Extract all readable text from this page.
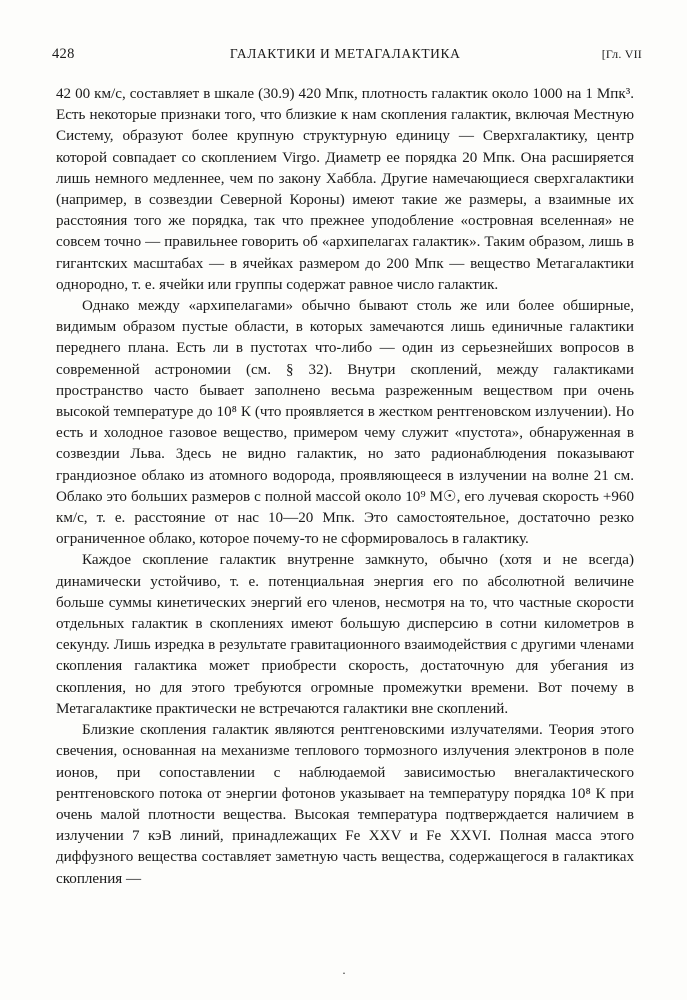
428	ГАЛАКТИКИ И МЕТАГАЛАКТИКА	[Гл. VII

42 00 км/с, составляет в шкале (30.9) 420 Мпк, плотность галактик около 1000 на 1 Мпк³. Есть некоторые признаки того, что близкие к нам скопления галактик, включая Местную Систему, образуют более крупную структурную единицу — Сверхгалактику, центр которой совпадает со скоплением Virgo. Диаметр ее порядка 20 Мпк. Она расширяется лишь немного медленнее, чем по закону Хаббла. Другие намечающиеся сверхгалактики (например, в созвездии Северной Короны) имеют такие же размеры, а взаимные их расстояния того же порядка, так что прежнее уподобление «островная вселенная» не совсем точно — правильнее говорить об «архипелагах галактик». Таким образом, лишь в гигантских масштабах — в ячейках размером до 200 Мпк — вещество Метагалактики однородно, т. е. ячейки или группы содержат равное число галактик.

Однако между «архипелагами» обычно бывают столь же или более обширные, видимым образом пустые области, в которых замечаются лишь единичные галактики переднего плана. Есть ли в пустотах что-либо — один из серьезнейших вопросов в современной астрономии (см. § 32). Внутри скоплений, между галактиками пространство часто бывает заполнено весьма разреженным веществом при очень высокой температуре до 10⁸ К (что проявляется в жестком рентгеновском излучении). Но есть и холодное газовое вещество, примером чему служит «пустота», обнаруженная в созвездии Льва. Здесь не видно галактик, но зато радионаблюдения показывают грандиозное облако из атомного водорода, проявляющееся в излучении на волне 21 см. Облако это больших размеров с полной массой около 10⁹ M☉, его лучевая скорость +960 км/с, т. е. расстояние от нас 10—20 Мпк. Это самостоятельное, достаточно резко ограниченное облако, которое почему-то не сформировалось в галактику.

Каждое скопление галактик внутренне замкнуто, обычно (хотя и не всегда) динамически устойчиво, т. е. потенциальная энергия его по абсолютной величине больше суммы кинетических энергий его членов, несмотря на то, что частные скорости отдельных галактик в скоплениях имеют большую дисперсию в сотни километров в секунду. Лишь изредка в результате гравитационного взаимодействия с другими членами скопления галактика может приобрести скорость, достаточную для убегания из скопления, но для этого требуются огромные промежутки времени. Вот почему в Метагалактике практически не встречаются галактики вне скоплений.

Близкие скопления галактик являются рентгеновскими излучателями. Теория этого свечения, основанная на механизме теплового тормозного излучения электронов в поле ионов, при сопоставлении с наблюдаемой зависимостью внегалактического рентгеновского потока от энергии фотонов указывает на температуру порядка 10⁸ К при очень малой плотности вещества. Высокая температура подтверждается наличием в излучении 7 кэВ линий, принадлежащих Fe XXV и Fe XXVI. Полная масса этого диффузного вещества составляет заметную часть вещества, содержащегося в галактиках скопления —

.
